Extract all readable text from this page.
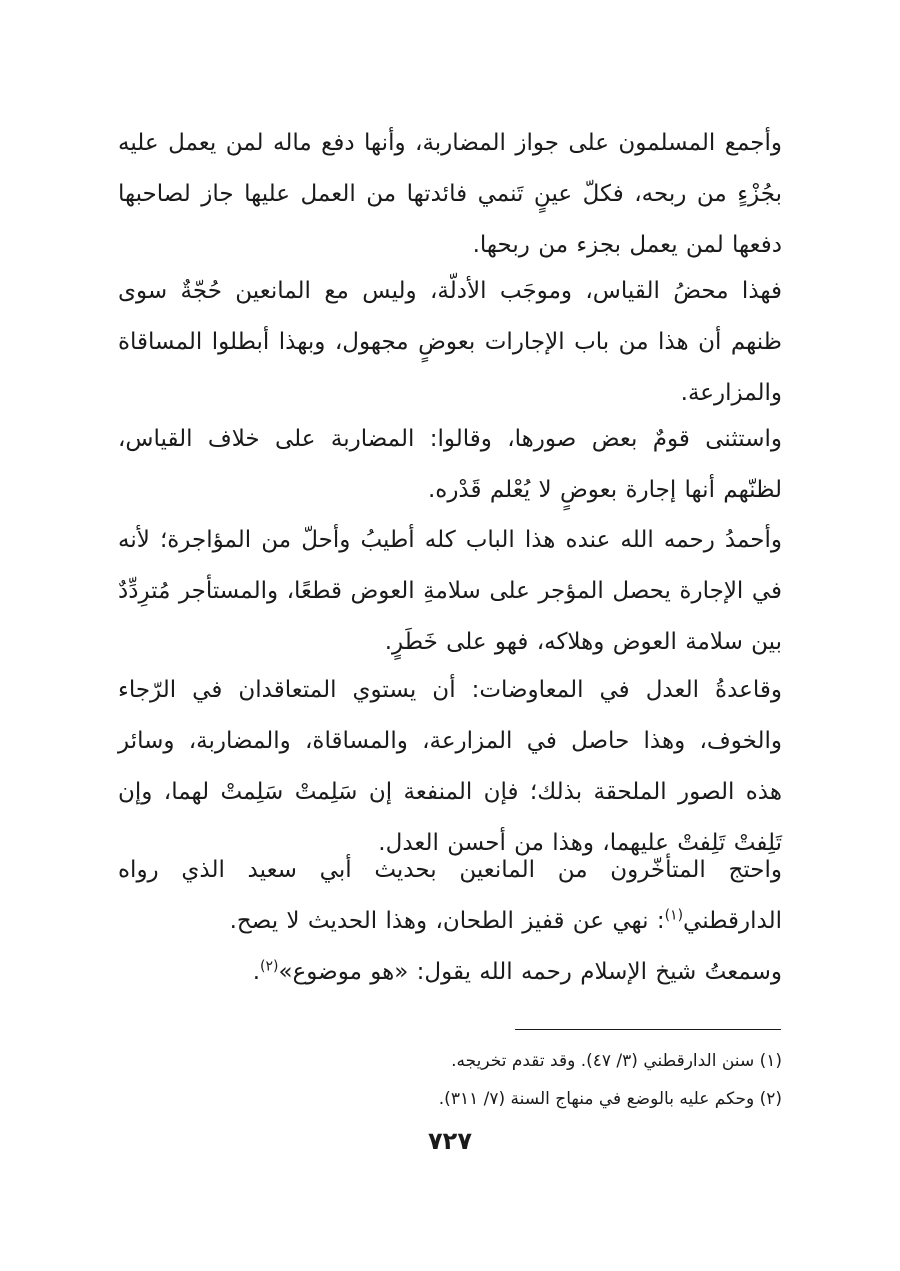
وأجمع المسلمون على جواز المضاربة، وأنها دفع ماله لمن يعمل عليه بجُزْءٍ من ربحه، فكلّ عينٍ تَنمي فائدتها من العمل عليها جاز لصاحبها دفعها لمن يعمل بجزء من ربحها.

فهذا محضُ القياس، وموجَب الأدلّة، وليس مع المانعين حُجّةٌ سوى ظنهم أن هذا من باب الإجارات بعوضٍ مجهول، وبهذا أبطلوا المساقاة والمزارعة.

واستثنى قومٌ بعض صورها، وقالوا: المضاربة على خلاف القياس، لظنّهم أنها إجارة بعوضٍ لا يُعْلم قَدْره.

وأحمدُ رحمه الله عنده هذا الباب كله أطيبُ وأحلّ من المؤاجرة؛ لأنه في الإجارة يحصل المؤجر على سلامةِ العوض قطعًا، والمستأجر مُترِدِّدٌ بين سلامة العوض وهلاكه، فهو على خَطَرٍ.

وقاعدةُ العدل في المعاوضات: أن يستوي المتعاقدان في الرّجاء والخوف، وهذا حاصل في المزارعة، والمساقاة، والمضاربة، وسائر هذه الصور الملحقة بذلك؛ فإن المنفعة إن سَلِمتْ سَلِمتْ لهما، وإن تَلِفتْ تَلِفتْ عليهما، وهذا من أحسن العدل.

واحتج المتأخّرون من المانعين بحديث أبي سعيد الذي رواه الدارقطني$^{(١)}$: نهي عن قفيز الطحان، وهذا الحديث لا يصح.

وسمعتُ شيخ الإسلام رحمه الله يقول: «هو موضوع»$^{(٢)}$.

(١) سنن الدارقطني (٣/ ٤٧). وقد تقدم تخريجه.

(٢) وحكم عليه بالوضع في منهاج السنة (٧/ ٣١١).

٧٢٧
